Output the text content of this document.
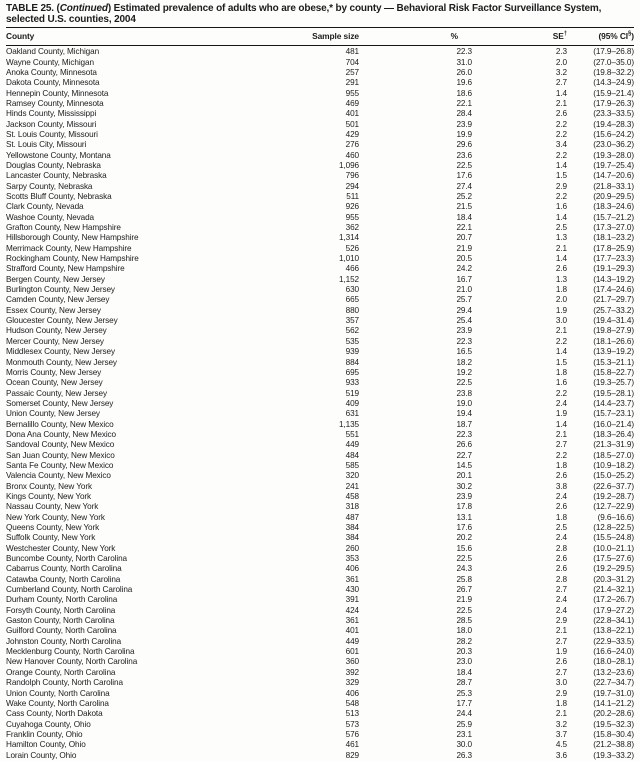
TABLE 25. (Continued) Estimated prevalence of adults who are obese,* by county — Behavioral Risk Factor Surveillance System, selected U.S. counties, 2004
County	Sample size	%	SE†	(95% CI§)
Oakland County, Michigan	481	22.3	2.3	(17.9–26.8)
Wayne County, Michigan	704	31.0	2.0	(27.0–35.0)
Anoka County, Minnesota	257	26.0	3.2	(19.8–32.2)
Dakota County, Minnesota	291	19.6	2.7	(14.3–24.9)
Hennepin County, Minnesota	955	18.6	1.4	(15.9–21.4)
Ramsey County, Minnesota	469	22.1	2.1	(17.9–26.3)
Hinds County, Mississippi	401	28.4	2.6	(23.3–33.5)
Jackson County, Missouri	501	23.9	2.2	(19.4–28.3)
St. Louis County, Missouri	429	19.9	2.2	(15.6–24.2)
St. Louis City, Missouri	276	29.6	3.4	(23.0–36.2)
Yellowstone County, Montana	460	23.6	2.2	(19.3–28.0)
Douglas County, Nebraska	1,096	22.5	1.4	(19.7–25.4)
Lancaster County, Nebraska	796	17.6	1.5	(14.7–20.6)
Sarpy County, Nebraska	294	27.4	2.9	(21.8–33.1)
Scotts Bluff County, Nebraska	511	25.2	2.2	(20.9–29.5)
Clark County, Nevada	926	21.5	1.6	(18.3–24.6)
Washoe County, Nevada	955	18.4	1.4	(15.7–21.2)
Grafton County, New Hampshire	362	22.1	2.5	(17.3–27.0)
Hillsborough County, New Hampshire	1,314	20.7	1.3	(18.1–23.2)
Merrimack County, New Hampshire	526	21.9	2.1	(17.8–25.9)
Rockingham County, New Hampshire	1,010	20.5	1.4	(17.7–23.3)
Strafford County, New Hampshire	466	24.2	2.6	(19.1–29.3)
Bergen County, New Jersey	1,152	16.7	1.3	(14.3–19.2)
Burlington County, New Jersey	630	21.0	1.8	(17.4–24.6)
Camden County, New Jersey	665	25.7	2.0	(21.7–29.7)
Essex County, New Jersey	880	29.4	1.9	(25.7–33.2)
Gloucester County, New Jersey	357	25.4	3.0	(19.4–31.4)
Hudson County, New Jersey	562	23.9	2.1	(19.8–27.9)
Mercer County, New Jersey	535	22.3	2.2	(18.1–26.6)
Middlesex County, New Jersey	939	16.5	1.4	(13.9–19.2)
Monmouth County, New Jersey	884	18.2	1.5	(15.3–21.1)
Morris County, New Jersey	695	19.2	1.8	(15.8–22.7)
Ocean County, New Jersey	933	22.5	1.6	(19.3–25.7)
Passaic County, New Jersey	519	23.8	2.2	(19.5–28.1)
Somerset County, New Jersey	409	19.0	2.4	(14.4–23.7)
Union County, New Jersey	631	19.4	1.9	(15.7–23.1)
Bernalillo County, New Mexico	1,135	18.7	1.4	(16.0–21.4)
Dona Ana County, New Mexico	551	22.3	2.1	(18.3–26.4)
Sandoval County, New Mexico	449	26.6	2.7	(21.3–31.9)
San Juan County, New Mexico	484	22.7	2.2	(18.5–27.0)
Santa Fe County, New Mexico	585	14.5	1.8	(10.9–18.2)
Valencia County, New Mexico	320	20.1	2.6	(15.0–25.2)
Bronx County, New York	241	30.2	3.8	(22.6–37.7)
Kings County, New York	458	23.9	2.4	(19.2–28.7)
Nassau County, New York	318	17.8	2.6	(12.7–22.9)
New York County, New York	487	13.1	1.8	(9.6–16.6)
Queens County, New York	384	17.6	2.5	(12.8–22.5)
Suffolk County, New York	384	20.2	2.4	(15.5–24.8)
Westchester County, New York	260	15.6	2.8	(10.0–21.1)
Buncombe County, North Carolina	353	22.5	2.6	(17.5–27.6)
Cabarrus County, North Carolina	406	24.3	2.6	(19.2–29.5)
Catawba County, North Carolina	361	25.8	2.8	(20.3–31.2)
Cumberland County, North Carolina	430	26.7	2.7	(21.4–32.1)
Durham County, North Carolina	391	21.9	2.4	(17.2–26.7)
Forsyth County, North Carolina	424	22.5	2.4	(17.9–27.2)
Gaston County, North Carolina	361	28.5	2.9	(22.8–34.1)
Guilford County, North Carolina	401	18.0	2.1	(13.8–22.1)
Johnston County, North Carolina	449	28.2	2.7	(22.9–33.5)
Mecklenburg County, North Carolina	601	20.3	1.9	(16.6–24.0)
New Hanover County, North Carolina	360	23.0	2.6	(18.0–28.1)
Orange County, North Carolina	392	18.4	2.7	(13.2–23.6)
Randolph County, North Carolina	329	28.7	3.0	(22.7–34.7)
Union County, North Carolina	406	25.3	2.9	(19.7–31.0)
Wake County, North Carolina	548	17.7	1.8	(14.1–21.2)
Cass County, North Dakota	513	24.4	2.1	(20.2–28.6)
Cuyahoga County, Ohio	573	25.9	3.2	(19.5–32.3)
Franklin County, Ohio	576	23.1	3.7	(15.8–30.4)
Hamilton County, Ohio	461	30.0	4.5	(21.2–38.8)
Lorain County, Ohio	829	26.3	3.6	(19.3–33.2)
